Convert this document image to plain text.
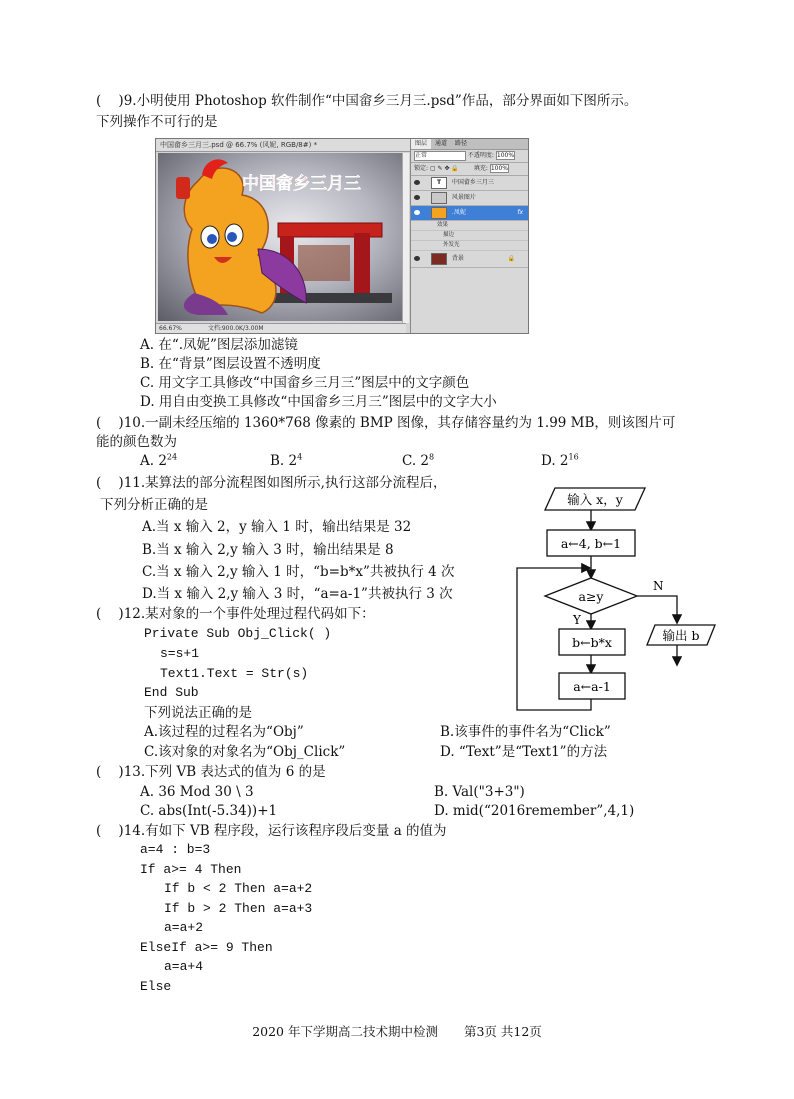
(    )9.小明使用 Photoshop 软件制作“中国畲乡三月三.psd”作品，部分界面如下图所示。
下列操作不可行的是
中国畲乡三月三.psd @ 66.7% (风妮, RGB/8#) *
中国畲乡三月三
66.67%	文档:900.0K/3.00M
图层 通道 路径
正常	不透明度: 100%
锁定: ▢ ✎ ✥ 🔒	填充: 100%
T 中国畲乡三月三
风景图片
.凤妮	fx
效果
描边
外发光
背景	🔒
A. 在“.凤妮”图层添加滤镜
B. 在“背景”图层设置不透明度
C. 用文字工具修改“中国畲乡三月三”图层中的文字颜色
D. 用自由变换工具修改“中国畲乡三月三”图层中的文字大小
(    )10.一副未经压缩的 1360*768 像素的 BMP 图像，其存储容量约为 1.99 MB，则该图片可
能的颜色数为
A. $2^{24}$	B. $2^4$	C. $2^8$	D. $2^{16}$
(    )11.某算法的部分流程图如图所示,执行这部分流程后，
下列分析正确的是
A.当 x 输入 2，y 输入 1 时，输出结果是 32
B.当 x 输入 2,y 输入 3 时，输出结果是 8
C.当 x 输入 2,y 输入 1 时，“b=b*x”共被执行 4 次
D.当 x 输入 2,y 输入 3 时，“a=a-1”共被执行 3 次
输入 x，y
a←4, b←1
a≥y
N
输出 b
Y
b←b*x
a←a-1
(    )12.某对象的一个事件处理过程代码如下：
Private Sub Obj_Click( )
s=s+1
Text1.Text = Str(s)
End Sub
下列说法正确的是
A.该过程的过程名为“Obj”	B.该事件的事件名为“Click”
C.该对象的对象名为“Obj_Click”	D. “Text”是“Text1”的方法
(    )13.下列 VB 表达式的值为 6 的是
A. 36 Mod 30 \ 3	B. Val("3+3")
C. abs(Int(-5.34))+1	D. mid(“2016remember”,4,1)
(    )14.有如下 VB 程序段，运行该程序段后变量 a 的值为
a=4 : b=3
If a>= 4 Then
If b < 2 Then a=a+2
If b > 2 Then a=a+3
a=a+2
ElseIf a>= 9 Then
a=a+4
Else
2020 年下学期高二技术期中检测 第3页 共12页
